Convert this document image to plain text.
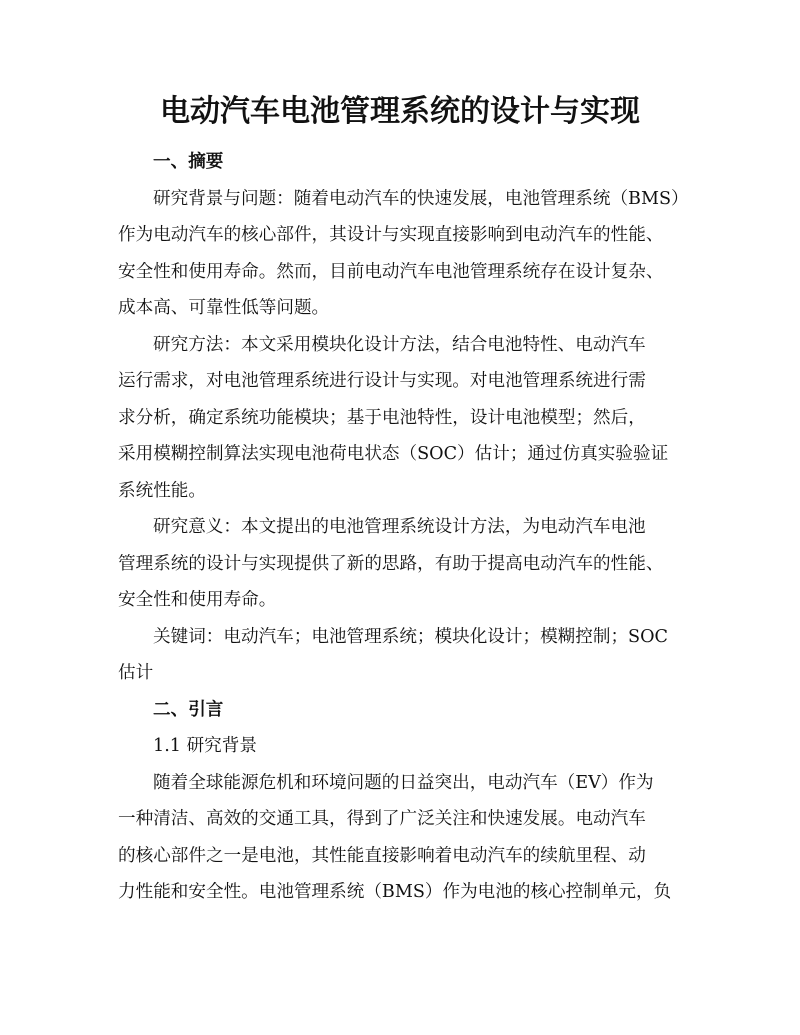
电动汽车电池管理系统的设计与实现
一、摘要
研究背景与问题：随着电动汽车的快速发展，电池管理系统（BMS）
作为电动汽车的核心部件，其设计与实现直接影响到电动汽车的性能、
安全性和使用寿命。然而，目前电动汽车电池管理系统存在设计复杂、
成本高、可靠性低等问题。
研究方法：本文采用模块化设计方法，结合电池特性、电动汽车
运行需求，对电池管理系统进行设计与实现。对电池管理系统进行需
求分析，确定系统功能模块；基于电池特性，设计电池模型；然后，
采用模糊控制算法实现电池荷电状态（SOC）估计；通过仿真实验验证
系统性能。
研究意义：本文提出的电池管理系统设计方法，为电动汽车电池
管理系统的设计与实现提供了新的思路，有助于提高电动汽车的性能、
安全性和使用寿命。
关键词：电动汽车；电池管理系统；模块化设计；模糊控制；SOC
估计
二、引言
1.1 研究背景
随着全球能源危机和环境问题的日益突出，电动汽车（EV）作为
一种清洁、高效的交通工具，得到了广泛关注和快速发展。电动汽车
的核心部件之一是电池，其性能直接影响着电动汽车的续航里程、动
力性能和安全性。电池管理系统（BMS）作为电池的核心控制单元，负
